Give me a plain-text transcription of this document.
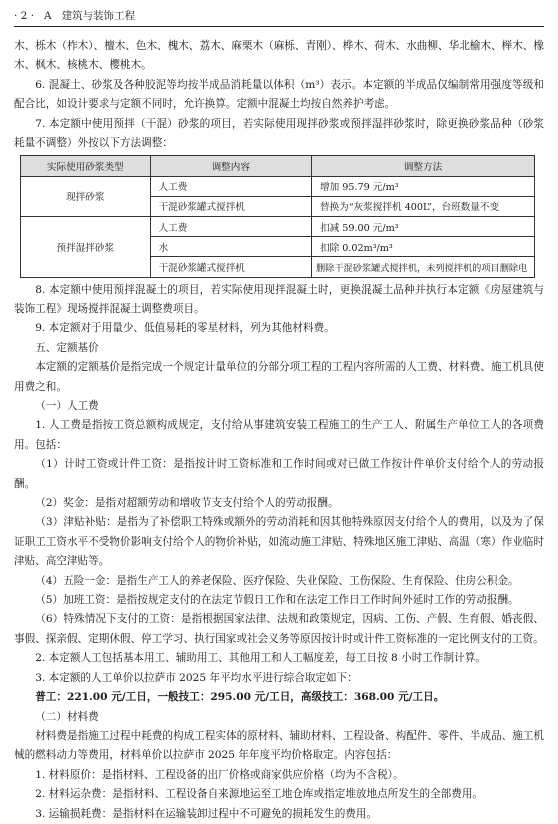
· 2 · A 建筑与装饰工程

木、栎木（柞木）、檀木、色木、槐木、荔木、麻栗木（麻栎、青刚）、桦木、荷木、水曲柳、华北榆木、榉木、橡木、枫木、核桃木、樱桃木。

6. 混凝土、砂浆及各种胶泥等均按半成品消耗量以体积（m³）表示。本定额的半成品仅编制常用强度等级和配合比，如设计要求与定额不同时，允许换算。定额中混凝土均按自然养护考虑。

7. 本定额中使用预拌（干混）砂浆的项目，若实际使用现拌砂浆或预拌湿拌砂浆时，除更换砂浆品种（砂浆耗量不调整）外按以下方法调整：

实际使用砂浆类型	调整内容	调整方法
现拌砂浆	人工费	增加 95.79 元/m³
	干混砂浆罐式搅拌机	替换为“灰浆搅拌机 400L”，台班数量不变
预拌湿拌砂浆	人工费	扣减 59.00 元/m³
	水	扣除 0.02m³/m³
	干混砂浆罐式搅拌机	删除干混砂浆罐式搅拌机，未列搅拌机的项目删除电

8. 本定额中使用预拌混凝土的项目，若实际使用现拌混凝土时，更换混凝土品种并执行本定额《房屋建筑与装饰工程》现场搅拌混凝土调整费项目。

9. 本定额对于用量少、低值易耗的零星材料，列为其他材料费。

五、定额基价

本定额的定额基价是指完成一个规定计量单位的分部分项工程的工程内容所需的人工费、材料费、施工机具使用费之和。

（一）人工费

1. 人工费是指按工资总额构成规定，支付给从事建筑安装工程施工的生产工人、附属生产单位工人的各项费用。包括：

（1）计时工资或计件工资：是指按计时工资标准和工作时间或对已做工作按计件单价支付给个人的劳动报酬。

（2）奖金：是指对超额劳动和增收节支支付给个人的劳动报酬。

（3）津贴补贴：是指为了补偿职工特殊或额外的劳动消耗和因其他特殊原因支付给个人的费用，以及为了保证职工工资水平不受物价影响支付给个人的物价补贴，如流动施工津贴、特殊地区施工津贴、高温（寒）作业临时津贴、高空津贴等。

（4）五险一金：是指生产工人的养老保险、医疗保险、失业保险、工伤保险、生育保险、住房公积金。

（5）加班工资：是指按规定支付的在法定节假日工作和在法定工作日工作时间外延时工作的劳动报酬。

（6）特殊情况下支付的工资：是指根据国家法律、法规和政策规定，因病、工伤、产假、生育假、婚丧假、事假、探亲假、定期休假、停工学习、执行国家或社会义务等原因按计时或计件工资标准的一定比例支付的工资。

2. 本定额人工包括基本用工、辅助用工、其他用工和人工幅度差，每工日按 8 小时工作制计算。

3. 本定额的人工单价以拉萨市 2025 年平均水平进行综合取定如下：

普工：221.00 元/工日，一般技工：295.00 元/工日，高级技工：368.00 元/工日。

（二）材料费

材料费是指施工过程中耗费的构成工程实体的原材料、辅助材料、工程设备、构配件、零件、半成品、施工机械的燃料动力等费用，材料单价以拉萨市 2025 年年度平均价格取定。内容包括：

1. 材料原价：是指材料、工程设备的出厂价格或商家供应价格（均为不含税）。

2. 材料运杂费：是指材料、工程设备自来源地运至工地仓库或指定堆放地点所发生的全部费用。

3. 运输损耗费：是指材料在运输装卸过程中不可避免的损耗发生的费用。
